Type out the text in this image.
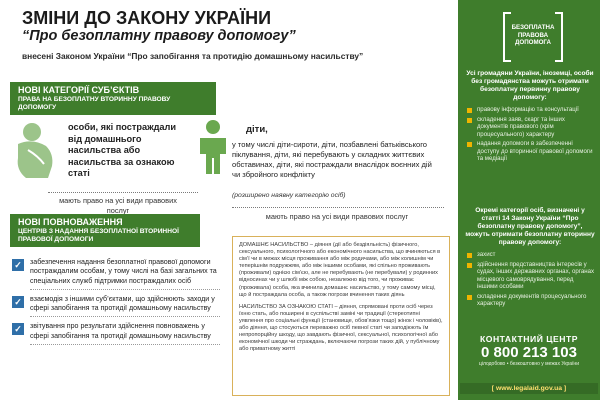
ЗМІНИ ДО ЗАКОНУ УКРАЇНИ
“Про безоплатну правову допомогу”
внесені Законом України “Про запобігання та протидію домашньому насильству”
НОВІ КАТЕГОРІЇ СУБ’ЄКТІВ
ПРАВА НА БЕЗОПЛАТНУ ВТОРИННУ ПРАВОВУ ДОПОМОГУ
особи, які постраждали від домашнього насильства або насильства за ознакою статі
мають право на усі види правових послуг
діти,
у тому числі діти-сироти, діти, позбавлені батьківського піклування, діти, які перебувають у складних життєвих обставинах, діти, які постраждали внаслідок воєнних дій чи збройного конфлікту
(розширено наявну категорію осіб)
мають право на усі види правових послуг
НОВІ ПОВНОВАЖЕННЯ
ЦЕНТРІВ З НАДАННЯ БЕЗОПЛАТНОЇ ВТОРИННОЇ ПРАВОВОЇ ДОПОМОГИ
✓	забезпечення надання безоплатної правової допомоги постраждалим особам, у тому числі на базі загальних та спеціальних служб підтримки постраждалих осіб
✓	взаємодія з іншими суб’єктами, що здійснюють заходи у сфері запобігання та протидії домашньому насильству
✓	звітування про результати здійснення повноважень у сфері запобігання та протидії домашньому насильству
ДОМАШНЄ НАСИЛЬСТВО – діяння (дії або бездіяльність) фізичного, сексуального, психологічного або економічного насильства, що вчиняються в сім’ї чи в межах місця проживання або між родичами, або між колишнім чи теперішнім подружжям, або між іншими особами, які спільно проживають (проживали) однією сім’єю, але не перебувають (не перебували) у родинних відносинах чи у шлюбі між собою, незалежно від того, чи проживає (проживала) особа, яка вчинила домашнє насильство, у тому самому місці, що й постраждала особа, а також погрози вчинення таких діянь
НАСИЛЬСТВО ЗА ОЗНАКОЮ СТАТІ – діяння, спрямовані проти осіб через їхню стать, або поширені в суспільстві заміні чи традиції (стереотипні уявлення про соціальні функції (становище, обов’язки тощо) жінок і чоловіків), або діяння, що стосуються переважно осіб певної статі чи заподіюють їм непропорційну шкоду, що завдають фізичної, сексуальної, психологічної або економічної шкоди чи страждань, включаючи погрози таких дій, у публічному або приватному житті
БЕЗОПЛАТНА
ПРАВОВА
ДОПОМОГА
Усі громадяни України, іноземці, особи без громадянства можуть отримати безоплатну первинну правову допомогу:
правову інформацію та консультації
складення заяв, скарг та інших документів правового (крім процесуального) характеру
надання допомоги в забезпеченні доступу до вторинної правової допомоги та медіації
Окремі категорії осіб, визначені у статті 14 Закону України “Про безоплатну правову допомогу”, можуть отримати безоплатну вторинну правову допомогу:
захист
здійснення представництва інтересів у судах, інших державних органах, органах місцевого самоврядування, перед іншими особами
складення документів процесуального характеру
КОНТАКТНИЙ ЦЕНТР
0 800 213 103
цілодобово • безкоштовно у межах України
[ www.legalaid.gov.ua ]
